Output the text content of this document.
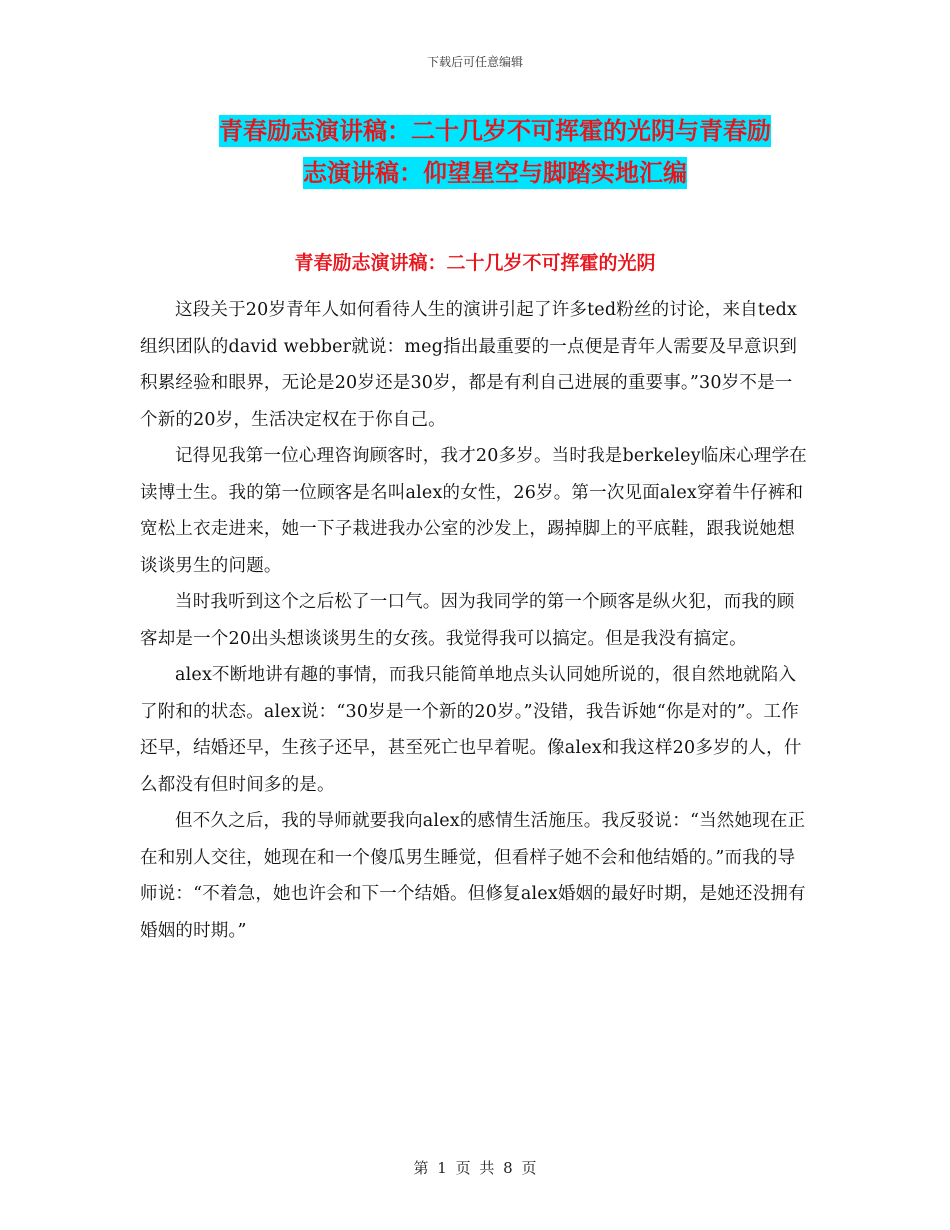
下载后可任意编辑
青春励志演讲稿：二十几岁不可挥霍的光阴与青春励
志演讲稿：仰望星空与脚踏实地汇编
青春励志演讲稿：二十几岁不可挥霍的光阴

这段关于20岁青年人如何看待人生的演讲引起了许多ted粉丝的讨论，来自tedx组织团队的david webber就说：meg指出最重要的一点便是青年人需要及早意识到积累经验和眼界，无论是20岁还是30岁，都是有利自己进展的重要事。”30岁不是一个新的20岁，生活决定权在于你自己。

记得见我第一位心理咨询顾客时，我才20多岁。当时我是berkeley临床心理学在读博士生。我的第一位顾客是名叫alex的女性，26岁。第一次见面alex穿着牛仔裤和宽松上衣走进来，她一下子栽进我办公室的沙发上，踢掉脚上的平底鞋，跟我说她想谈谈男生的问题。

当时我听到这个之后松了一口气。因为我同学的第一个顾客是纵火犯，而我的顾客却是一个20出头想谈谈男生的女孩。我觉得我可以搞定。但是我没有搞定。

alex不断地讲有趣的事情，而我只能简单地点头认同她所说的，很自然地就陷入了附和的状态。alex说：“30岁是一个新的20岁。”没错，我告诉她“你是对的”。工作还早，结婚还早，生孩子还早，甚至死亡也早着呢。像alex和我这样20多岁的人，什么都没有但时间多的是。

但不久之后，我的导师就要我向alex的感情生活施压。我反驳说：“当然她现在正在和别人交往，她现在和一个傻瓜男生睡觉，但看样子她不会和他结婚的。”而我的导师说：“不着急，她也许会和下一个结婚。但修复alex婚姻的最好时期，是她还没拥有婚姻的时期。”

第 1 页 共 8 页
